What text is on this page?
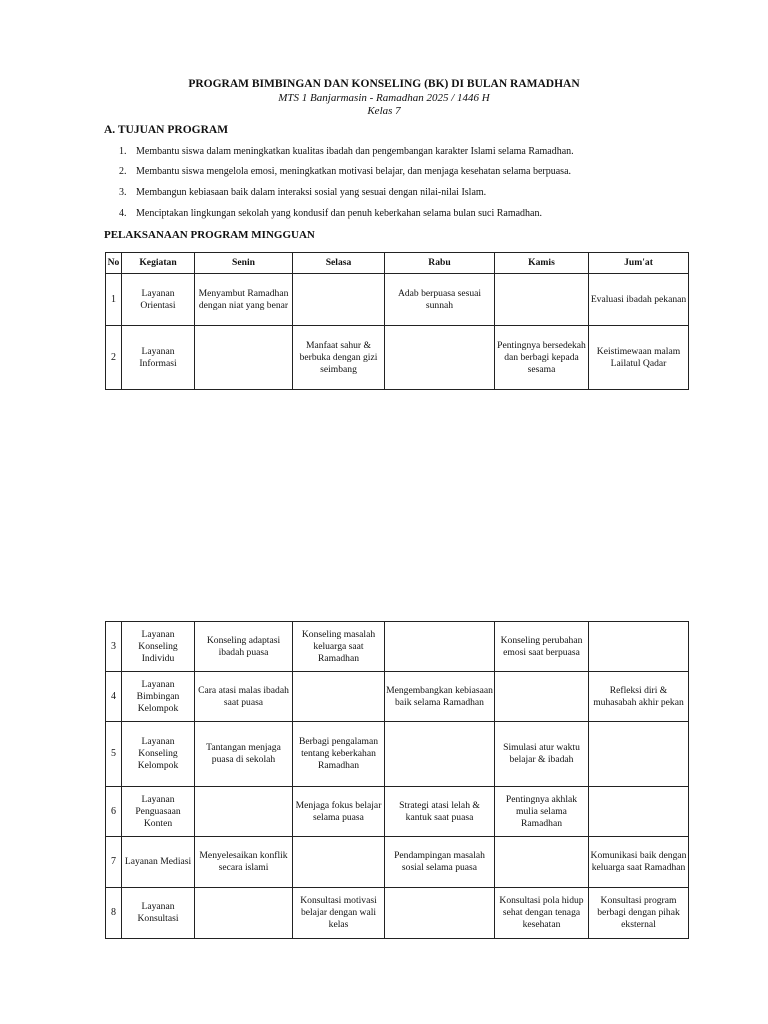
PROGRAM BIMBINGAN DAN KONSELING (BK) DI BULAN RAMADHAN
MTS 1 Banjarmasin - Ramadhan 2025 / 1446 H
Kelas 7
A. TUJUAN PROGRAM
1. Membantu siswa dalam meningkatkan kualitas ibadah dan pengembangan karakter Islami selama Ramadhan.
2. Membantu siswa mengelola emosi, meningkatkan motivasi belajar, dan menjaga kesehatan selama berpuasa.
3. Membangun kebiasaan baik dalam interaksi sosial yang sesuai dengan nilai-nilai Islam.
4. Menciptakan lingkungan sekolah yang kondusif dan penuh keberkahan selama bulan suci Ramadhan.
PELAKSANAAN PROGRAM MINGGUAN
No	Kegiatan	Senin	Selasa	Rabu	Kamis	Jum'at
1	Layanan Orientasi	Menyambut Ramadhan dengan niat yang benar		Adab berpuasa sesuai sunnah		Evaluasi ibadah pekanan
2	Layanan Informasi		Manfaat sahur & berbuka dengan gizi seimbang		Pentingnya bersedekah dan berbagi kepada sesama	Keistimewaan malam Lailatul Qadar
3	Layanan Konseling Individu	Konseling adaptasi ibadah puasa	Konseling masalah keluarga saat Ramadhan		Konseling perubahan emosi saat berpuasa	
4	Layanan Bimbingan Kelompok	Cara atasi malas ibadah saat puasa		Mengembangkan kebiasaan baik selama Ramadhan		Refleksi diri & muhasabah akhir pekan
5	Layanan Konseling Kelompok	Tantangan menjaga puasa di sekolah	Berbagi pengalaman tentang keberkahan Ramadhan		Simulasi atur waktu belajar & ibadah	
6	Layanan Penguasaan Konten		Menjaga fokus belajar selama puasa	Strategi atasi lelah & kantuk saat puasa	Pentingnya akhlak mulia selama Ramadhan	
7	Layanan Mediasi	Menyelesaikan konflik secara islami		Pendampingan masalah sosial selama puasa		Komunikasi baik dengan keluarga saat Ramadhan
8	Layanan Konsultasi		Konsultasi motivasi belajar dengan wali kelas		Konsultasi pola hidup sehat dengan tenaga kesehatan	Konsultasi program berbagi dengan pihak eksternal
